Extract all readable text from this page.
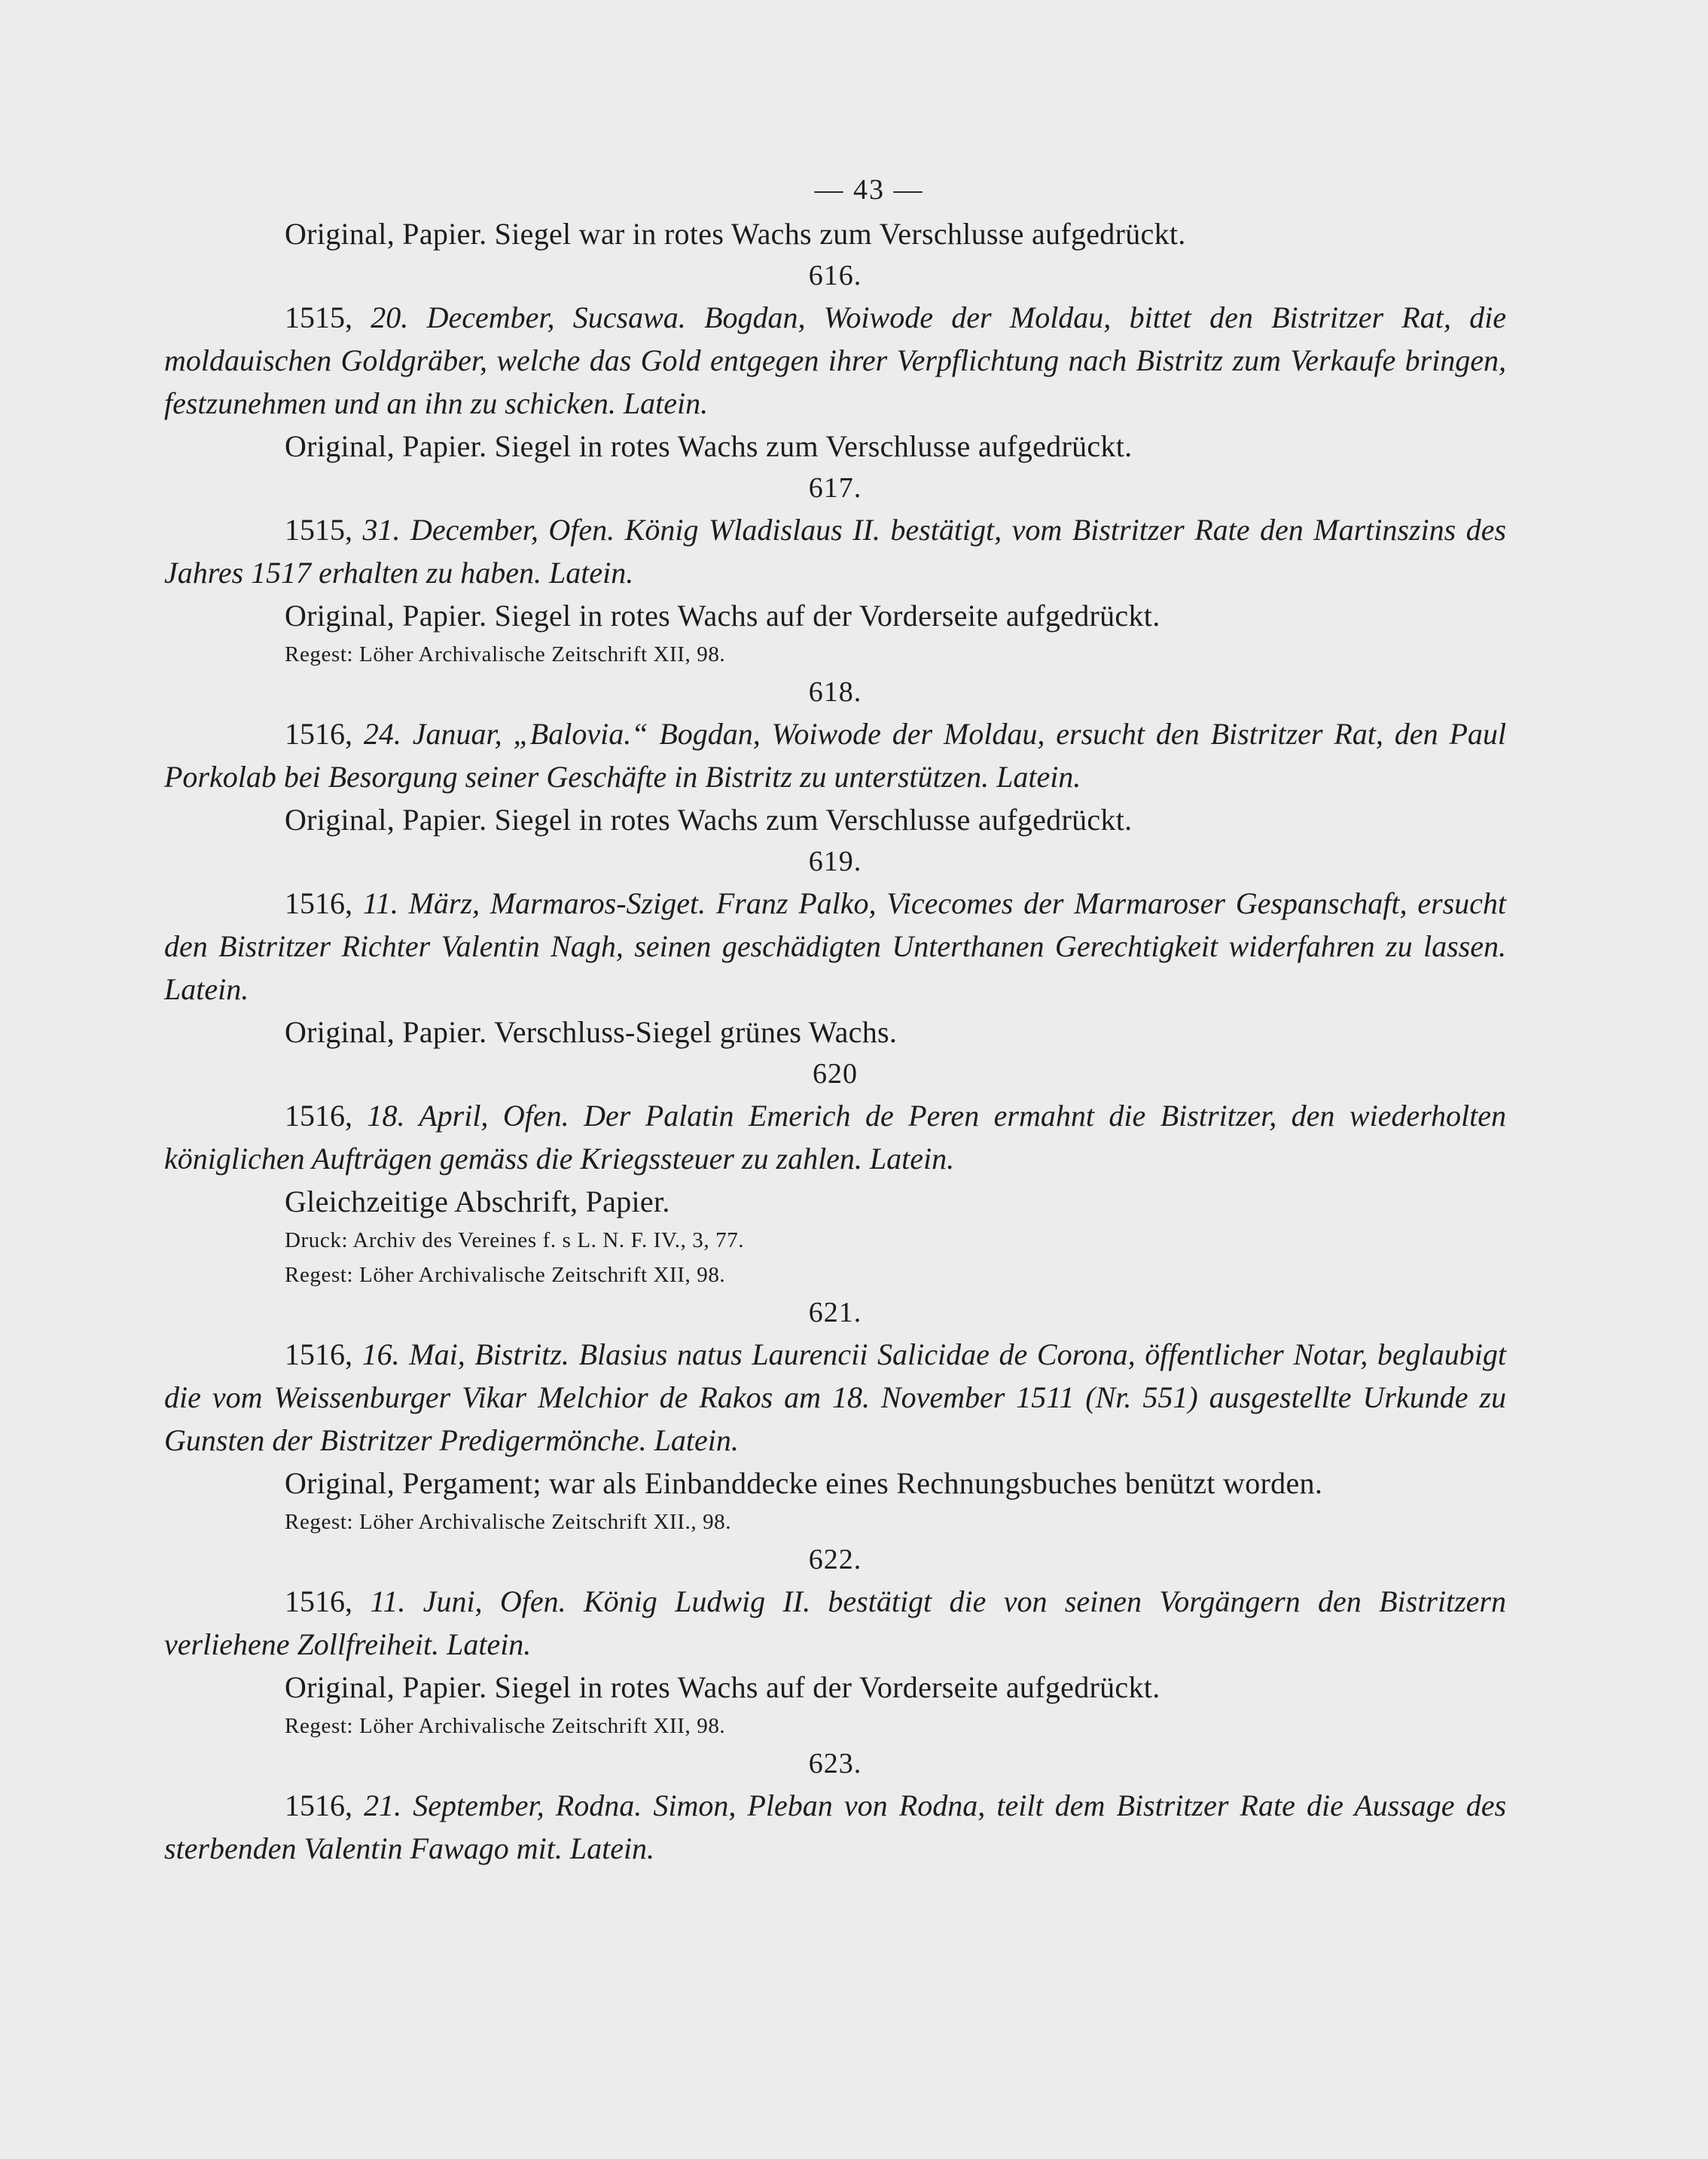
— 43 —
Original, Papier. Siegel war in rotes Wachs zum Verschlusse aufgedrückt.
616.
1515, 20. December, Sucsawa. Bogdan, Woiwode der Moldau, bittet den Bistritzer Rat, die moldauischen Goldgräber, welche das Gold entgegen ihrer Verpflichtung nach Bistritz zum Verkaufe bringen, festzunehmen und an ihn zu schicken. Latein.
Original, Papier. Siegel in rotes Wachs zum Verschlusse aufgedrückt.
617.
1515, 31. December, Ofen. König Wladislaus II. bestätigt, vom Bistritzer Rate den Martinszins des Jahres 1517 erhalten zu haben. Latein.
Original, Papier. Siegel in rotes Wachs auf der Vorderseite aufgedrückt.
Regest: Löher Archivalische Zeitschrift XII, 98.
618.
1516, 24. Januar, „Balovia.“ Bogdan, Woiwode der Moldau, ersucht den Bistritzer Rat, den Paul Porkolab bei Besorgung seiner Geschäfte in Bistritz zu unterstützen. Latein.
Original, Papier. Siegel in rotes Wachs zum Verschlusse aufgedrückt.
619.
1516, 11. März, Marmaros-Sziget. Franz Palko, Vicecomes der Marmaroser Gespanschaft, ersucht den Bistritzer Richter Valentin Nagh, seinen geschädigten Unterthanen Gerechtigkeit widerfahren zu lassen. Latein.
Original, Papier. Verschluss-Siegel grünes Wachs.
620
1516, 18. April, Ofen. Der Palatin Emerich de Peren ermahnt die Bistritzer, den wiederholten königlichen Aufträgen gemäss die Kriegssteuer zu zahlen. Latein.
Gleichzeitige Abschrift, Papier.
Druck: Archiv des Vereines f. s L. N. F. IV., 3, 77.
Regest: Löher Archivalische Zeitschrift XII, 98.
621.
1516, 16. Mai, Bistritz. Blasius natus Laurencii Salicidae de Corona, öffentlicher Notar, beglaubigt die vom Weissenburger Vikar Melchior de Rakos am 18. November 1511 (Nr. 551) ausgestellte Urkunde zu Gunsten der Bistritzer Predigermönche. Latein.
Original, Pergament; war als Einbanddecke eines Rechnungsbuches benützt worden.
Regest: Löher Archivalische Zeitschrift XII., 98.
622.
1516, 11. Juni, Ofen. König Ludwig II. bestätigt die von seinen Vorgängern den Bistritzern verliehene Zollfreiheit. Latein.
Original, Papier. Siegel in rotes Wachs auf der Vorderseite aufgedrückt.
Regest: Löher Archivalische Zeitschrift XII, 98.
623.
1516, 21. September, Rodna. Simon, Pleban von Rodna, teilt dem Bistritzer Rate die Aussage des sterbenden Valentin Fawago mit. Latein.
